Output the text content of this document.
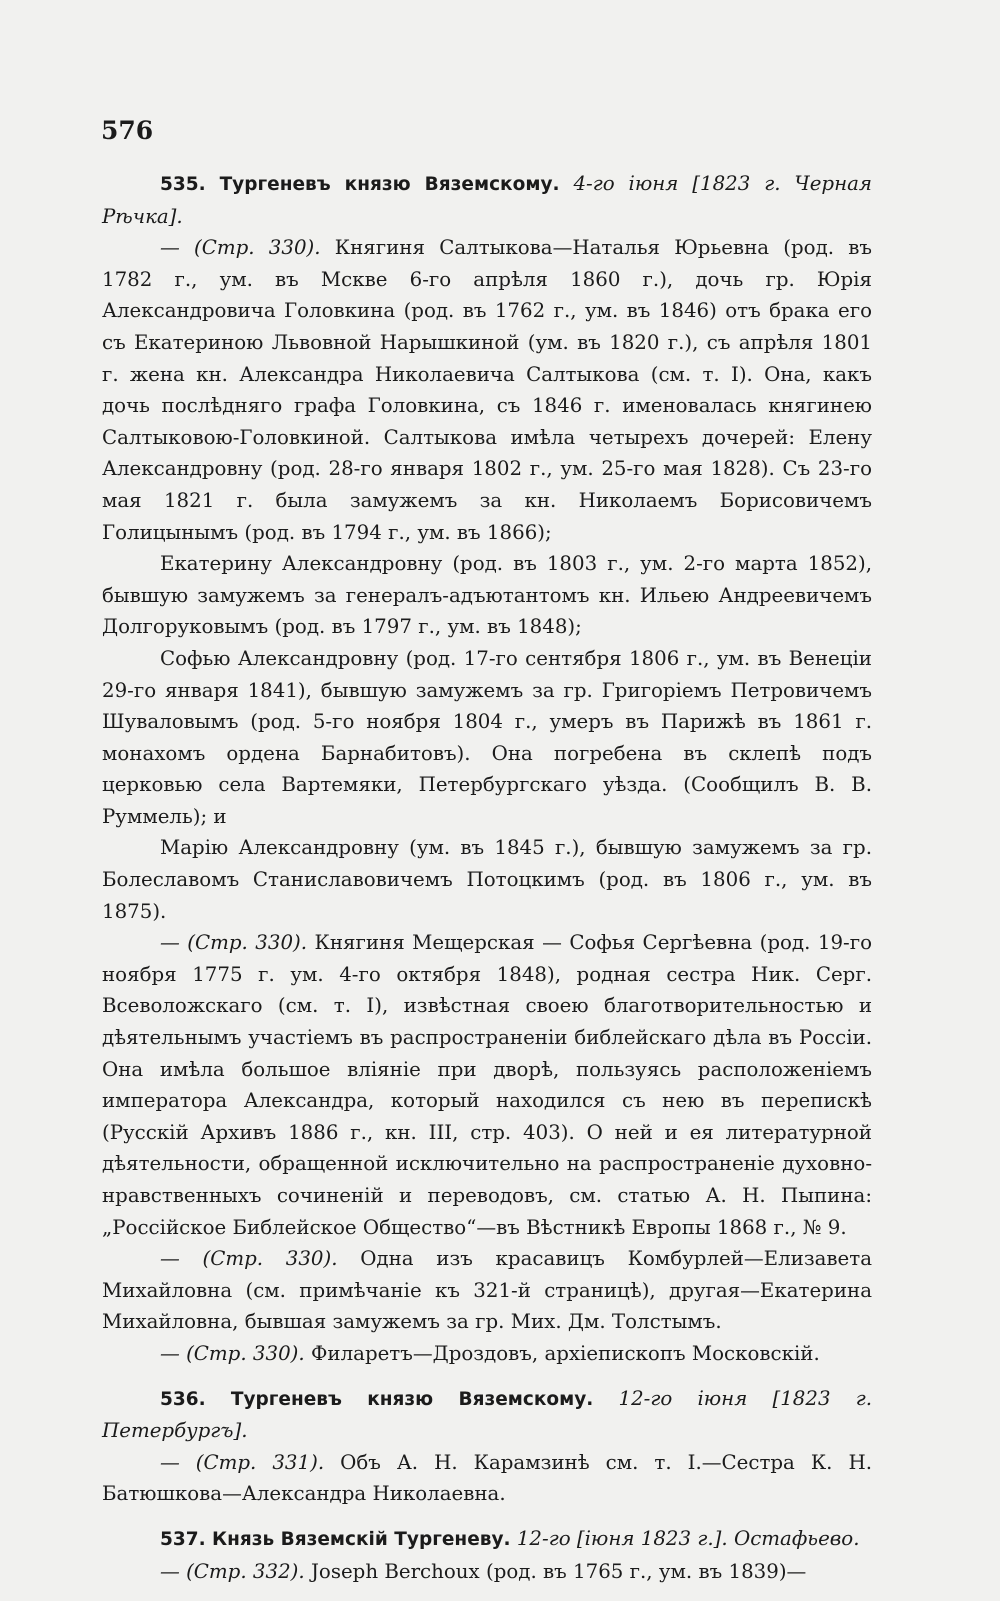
576

535. Тургеневъ князю Вяземскому. 4-го іюня [1823 г. Черная Рѣчка].

— (Стр. 330). Княгиня Салтыкова—Наталья Юрьевна (род. въ 1782 г., ум. въ Мскве 6-го апрѣля 1860 г.), дочь гр. Юрія Александровича Головкина (род. въ 1762 г., ум. въ 1846) отъ брака его съ Екатериною Львовной Нарышкиной (ум. въ 1820 г.), съ апрѣля 1801 г. жена кн. Александра Николаевича Салтыкова (см. т. I). Она, какъ дочь послѣдняго графа Головкина, съ 1846 г. именовалась княгинею Салтыковою-Головкиной. Салтыкова имѣла четырехъ дочерей: Елену Александровну (род. 28-го января 1802 г., ум. 25-го мая 1828). Съ 23-го мая 1821 г. была замужемъ за кн. Николаемъ Борисовичемъ Голицынымъ (род. въ 1794 г., ум. въ 1866);

Екатерину Александровну (род. въ 1803 г., ум. 2-го марта 1852), бывшую замужемъ за генералъ-адъютантомъ кн. Ильею Андреевичемъ Долгоруковымъ (род. въ 1797 г., ум. въ 1848);

Софью Александровну (род. 17-го сентября 1806 г., ум. въ Венеціи 29-го января 1841), бывшую замужемъ за гр. Григоріемъ Петровичемъ Шуваловымъ (род. 5-го ноября 1804 г., умеръ въ Парижѣ въ 1861 г. монахомъ ордена Барнабитовъ). Она погребена въ склепѣ подъ церковью села Вартемяки, Петербургскаго уѣзда. (Сообщилъ В. В. Руммель); и

Марію Александровну (ум. въ 1845 г.), бывшую замужемъ за гр. Болеславомъ Станиславовичемъ Потоцкимъ (род. въ 1806 г., ум. въ 1875).

— (Стр. 330). Княгиня Мещерская — Софья Сергѣевна (род. 19-го ноября 1775 г. ум. 4-го октября 1848), родная сестра Ник. Серг. Всеволожскаго (см. т. I), извѣстная своею благотворительностью и дѣятельнымъ участіемъ въ распространеніи библейскаго дѣла въ Россіи. Она имѣла большое вліяніе при дворѣ, пользуясь расположеніемъ императора Александра, который находился съ нею въ перепискѣ (Русскій Архивъ 1886 г., кн. III, стр. 403). О ней и ея литературной дѣятельности, обращенной исключительно на распространеніе духовно-нравственныхъ сочиненій и переводовъ, см. статью А. Н. Пыпина: „Россійское Библейское Общество“—въ Вѣстникѣ Европы 1868 г., № 9.

— (Стр. 330). Одна изъ красавицъ Комбурлей—Елизавета Михайловна (см. примѣчаніе къ 321-й страницѣ), другая—Екатерина Михайловна, бывшая замужемъ за гр. Мих. Дм. Толстымъ.

— (Стр. 330). Филаретъ—Дроздовъ, архіепископъ Московскій.

536. Тургеневъ князю Вяземскому. 12-го іюня [1823 г. Петербургъ].

— (Стр. 331). Объ А. Н. Карамзинѣ см. т. I.—Сестра К. Н. Батюшкова—Александра Николаевна.

537. Князь Вяземскій Тургеневу. 12-го [іюня 1823 г.]. Остафьево.

— (Стр. 332). Joseph Berchoux (род. въ 1765 г., ум. въ 1839)—
